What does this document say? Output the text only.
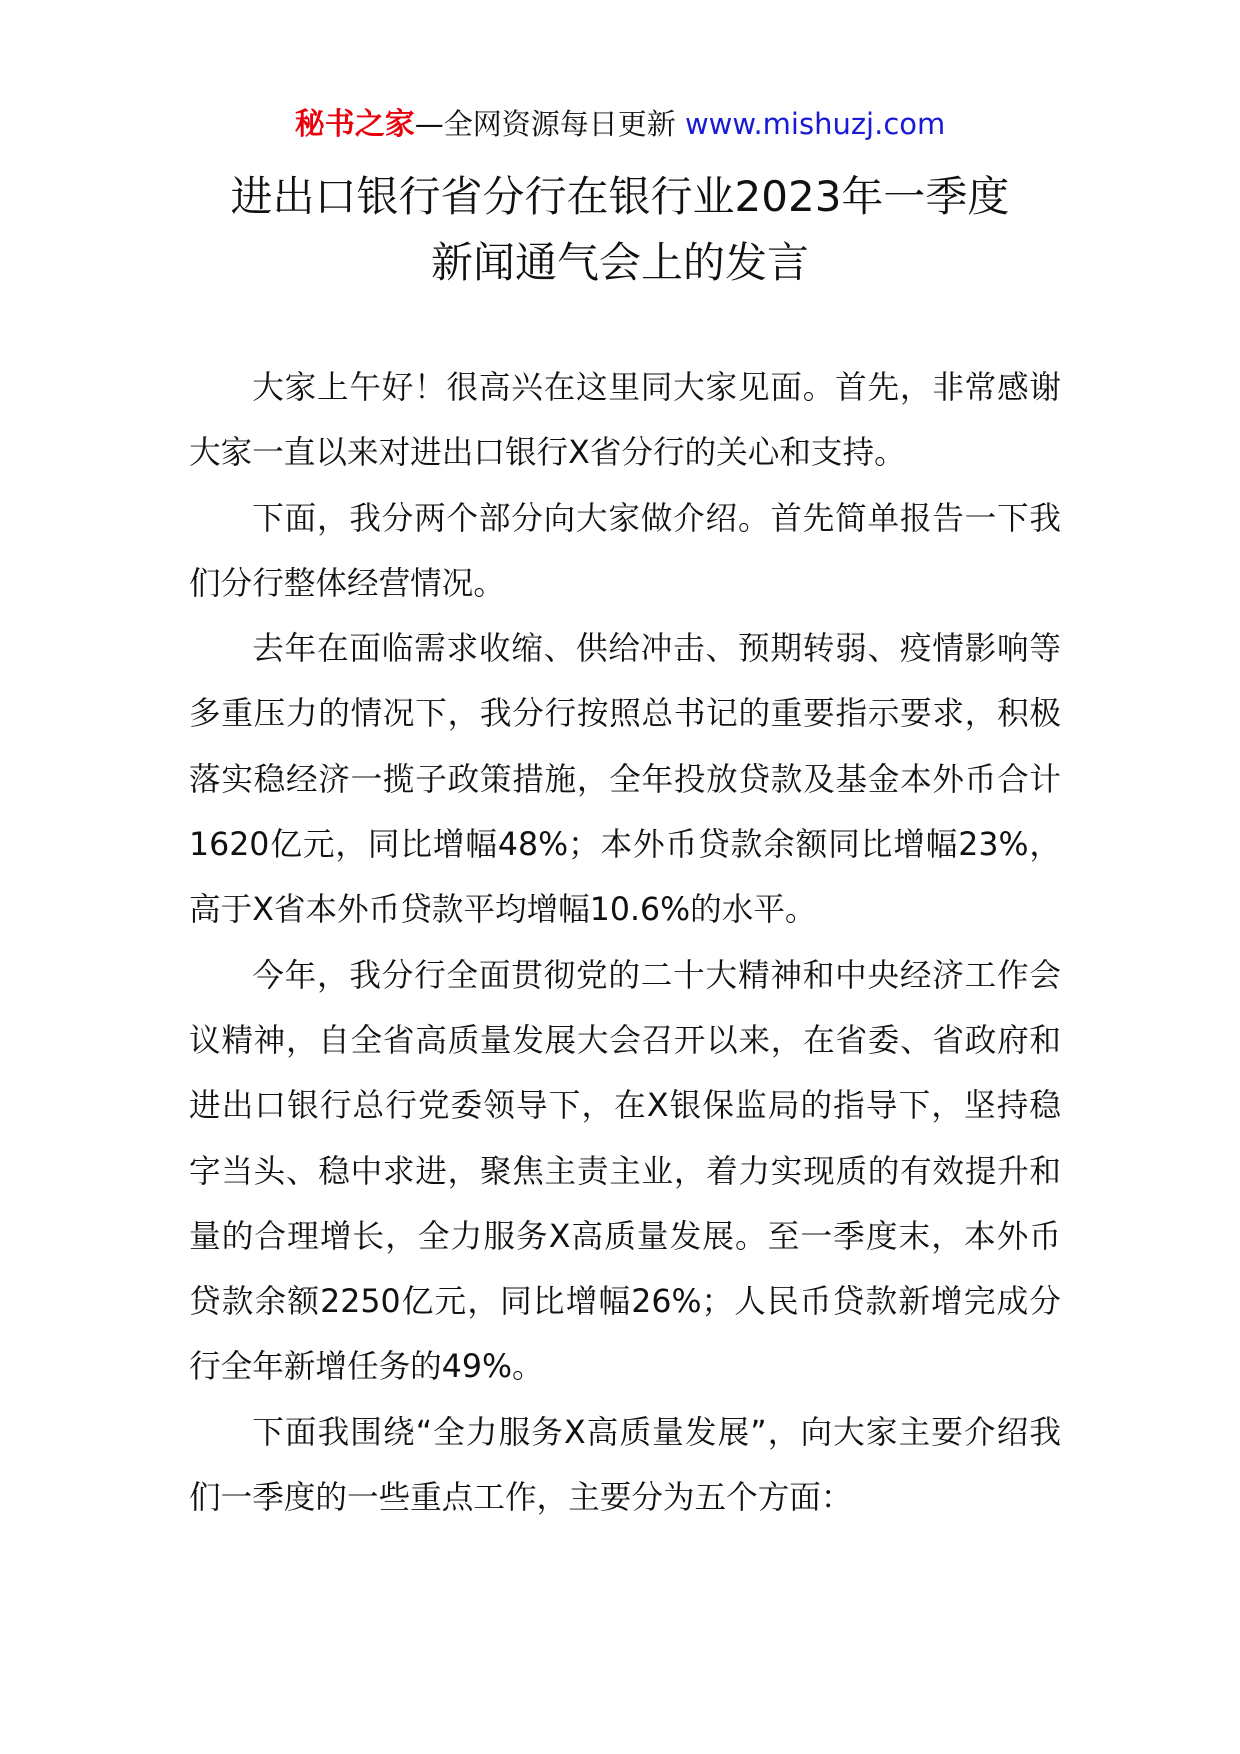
秘书之家—全网资源每日更新 www.mishuzj.com
进出口银行省分行在银行业2023年一季度
新闻通气会上的发言

大家上午好！很高兴在这里同大家见面。首先，非常感谢大家一直以来对进出口银行X省分行的关心和支持。

下面，我分两个部分向大家做介绍。首先简单报告一下我们分行整体经营情况。

去年在面临需求收缩、供给冲击、预期转弱、疫情影响等多重压力的情况下，我分行按照总书记的重要指示要求，积极落实稳经济一揽子政策措施，全年投放贷款及基金本外币合计1620亿元，同比增幅48%；本外币贷款余额同比增幅23%，高于X省本外币贷款平均增幅10.6%的水平。

今年，我分行全面贯彻党的二十大精神和中央经济工作会议精神，自全省高质量发展大会召开以来，在省委、省政府和进出口银行总行党委领导下，在X银保监局的指导下，坚持稳字当头、稳中求进，聚焦主责主业，着力实现质的有效提升和量的合理增长，全力服务X高质量发展。至一季度末，本外币贷款余额2250亿元，同比增幅26%；人民币贷款新增完成分行全年新增任务的49%。

下面我围绕“全力服务X高质量发展”，向大家主要介绍我们一季度的一些重点工作，主要分为五个方面：
